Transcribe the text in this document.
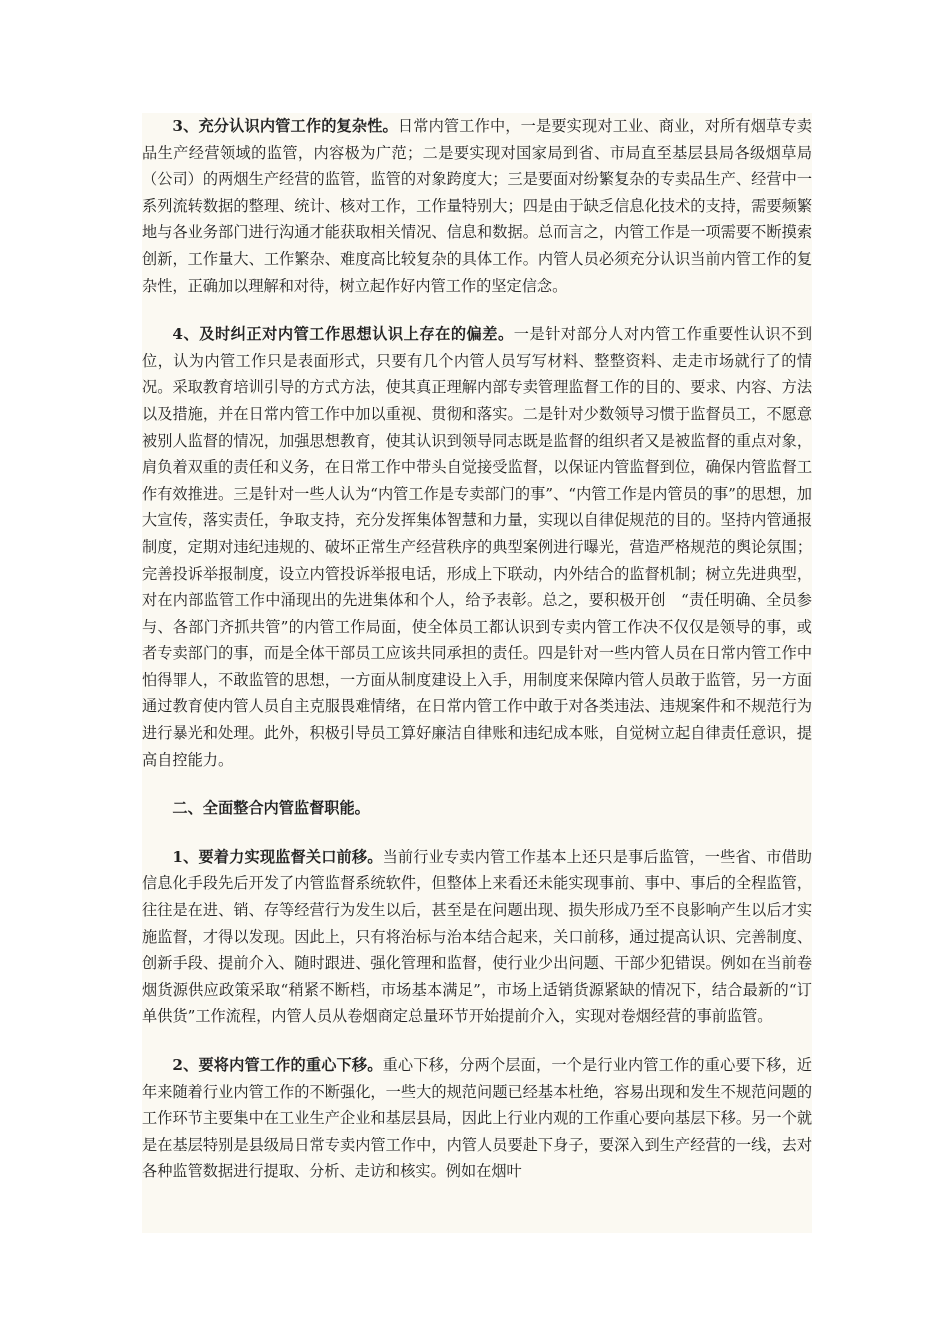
3、充分认识内管工作的复杂性。日常内管工作中，一是要实现对工业、商业，对所有烟草专卖品生产经营领域的监管，内容极为广范；二是要实现对国家局到省、市局直至基层县局各级烟草局（公司）的两烟生产经营的监管，监管的对象跨度大；三是要面对纷繁复杂的专卖品生产、经营中一系列流转数据的整理、统计、核对工作，工作量特别大；四是由于缺乏信息化技术的支持，需要频繁地与各业务部门进行沟通才能获取相关情况、信息和数据。总而言之，内管工作是一项需要不断摸索创新，工作量大、工作繁杂、难度高比较复杂的具体工作。内管人员必须充分认识当前内管工作的复杂性，正确加以理解和对待，树立起作好内管工作的坚定信念。

4、及时纠正对内管工作思想认识上存在的偏差。一是针对部分人对内管工作重要性认识不到位，认为内管工作只是表面形式，只要有几个内管人员写写材料、整整资料、走走市场就行了的情况。采取教育培训引导的方式方法，使其真正理解内部专卖管理监督工作的目的、要求、内容、方法以及措施，并在日常内管工作中加以重视、贯彻和落实。二是针对少数领导习惯于监督员工，不愿意被别人监督的情况，加强思想教育，使其认识到领导同志既是监督的组织者又是被监督的重点对象，肩负着双重的责任和义务，在日常工作中带头自觉接受监督，以保证内管监督到位，确保内管监督工作有效推进。三是针对一些人认为“内管工作是专卖部门的事”、“内管工作是内管员的事”的思想，加大宣传，落实责任，争取支持，充分发挥集体智慧和力量，实现以自律促规范的目的。坚持内管通报制度，定期对违纪违规的、破坏正常生产经营秩序的典型案例进行曝光，营造严格规范的舆论氛围；完善投诉举报制度，设立内管投诉举报电话，形成上下联动，内外结合的监督机制；树立先进典型，对在内部监管工作中涌现出的先进集体和个人，给予表彰。总之，要积极开创　“责任明确、全员参与、各部门齐抓共管”的内管工作局面，使全体员工都认识到专卖内管工作决不仅仅是领导的事，或者专卖部门的事，而是全体干部员工应该共同承担的责任。四是针对一些内管人员在日常内管工作中怕得罪人，不敢监管的思想，一方面从制度建设上入手，用制度来保障内管人员敢于监管，另一方面通过教育使内管人员自主克服畏难情绪，在日常内管工作中敢于对各类违法、违规案件和不规范行为进行暴光和处理。此外，积极引导员工算好廉洁自律账和违纪成本账，自觉树立起自律责任意识，提高自控能力。

二、全面整合内管监督职能。

1、要着力实现监督关口前移。当前行业专卖内管工作基本上还只是事后监管，一些省、市借助信息化手段先后开发了内管监督系统软件，但整体上来看还未能实现事前、事中、事后的全程监管，往往是在进、销、存等经营行为发生以后，甚至是在问题出现、损失形成乃至不良影响产生以后才实施监督，才得以发现。因此上，只有将治标与治本结合起来，关口前移，通过提高认识、完善制度、创新手段、提前介入、随时跟进、强化管理和监督，使行业少出问题、干部少犯错误。例如在当前卷烟货源供应政策采取“稍紧不断档，市场基本满足”，市场上适销货源紧缺的情况下，结合最新的“订单供货”工作流程，内管人员从卷烟商定总量环节开始提前介入，实现对卷烟经营的事前监管。

2、要将内管工作的重心下移。重心下移，分两个层面，一个是行业内管工作的重心要下移，近年来随着行业内管工作的不断强化，一些大的规范问题已经基本杜绝，容易出现和发生不规范问题的工作环节主要集中在工业生产企业和基层县局，因此上行业内观的工作重心要向基层下移。另一个就是在基层特别是县级局日常专卖内管工作中，内管人员要赴下身子，要深入到生产经营的一线，去对各种监管数据进行提取、分析、走访和核实。例如在烟叶
